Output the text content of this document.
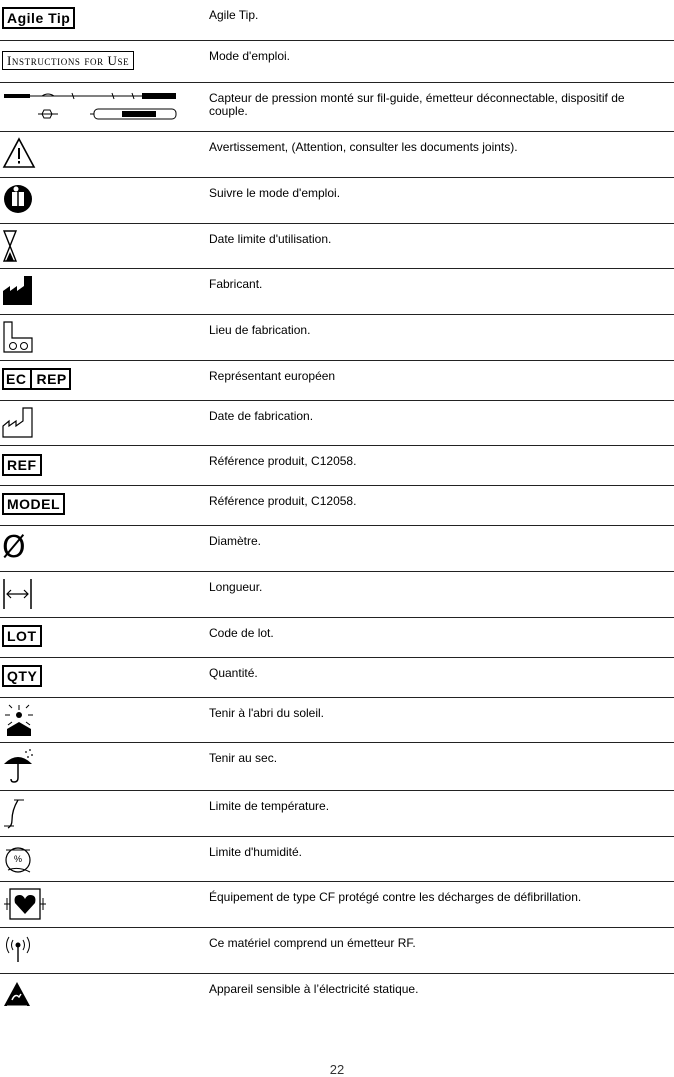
Agile Tip	Agile Tip.
Instructions for Use	Mode d'emploi.
Capteur de pression monté sur fil-guide, émetteur déconnectable, dispositif de couple.
Avertissement, (Attention, consulter les documents joints).
Suivre le mode d'emploi.
Date limite d'utilisation.
Fabricant.
Lieu de fabrication.
EC REP	Représentant européen
Date de fabrication.
REF	Référence produit, C12058.
MODEL	Référence produit, C12058.
Ø	Diamètre.
Longueur.
LOT	Code de lot.
QTY	Quantité.
Tenir à l'abri du soleil.
Tenir au sec.
Limite de température.
%	Limite d'humidité.
Équipement de type CF protégé contre les décharges de défibrillation.
Ce matériel comprend un émetteur RF.
Appareil sensible à l’électricité statique.
22
